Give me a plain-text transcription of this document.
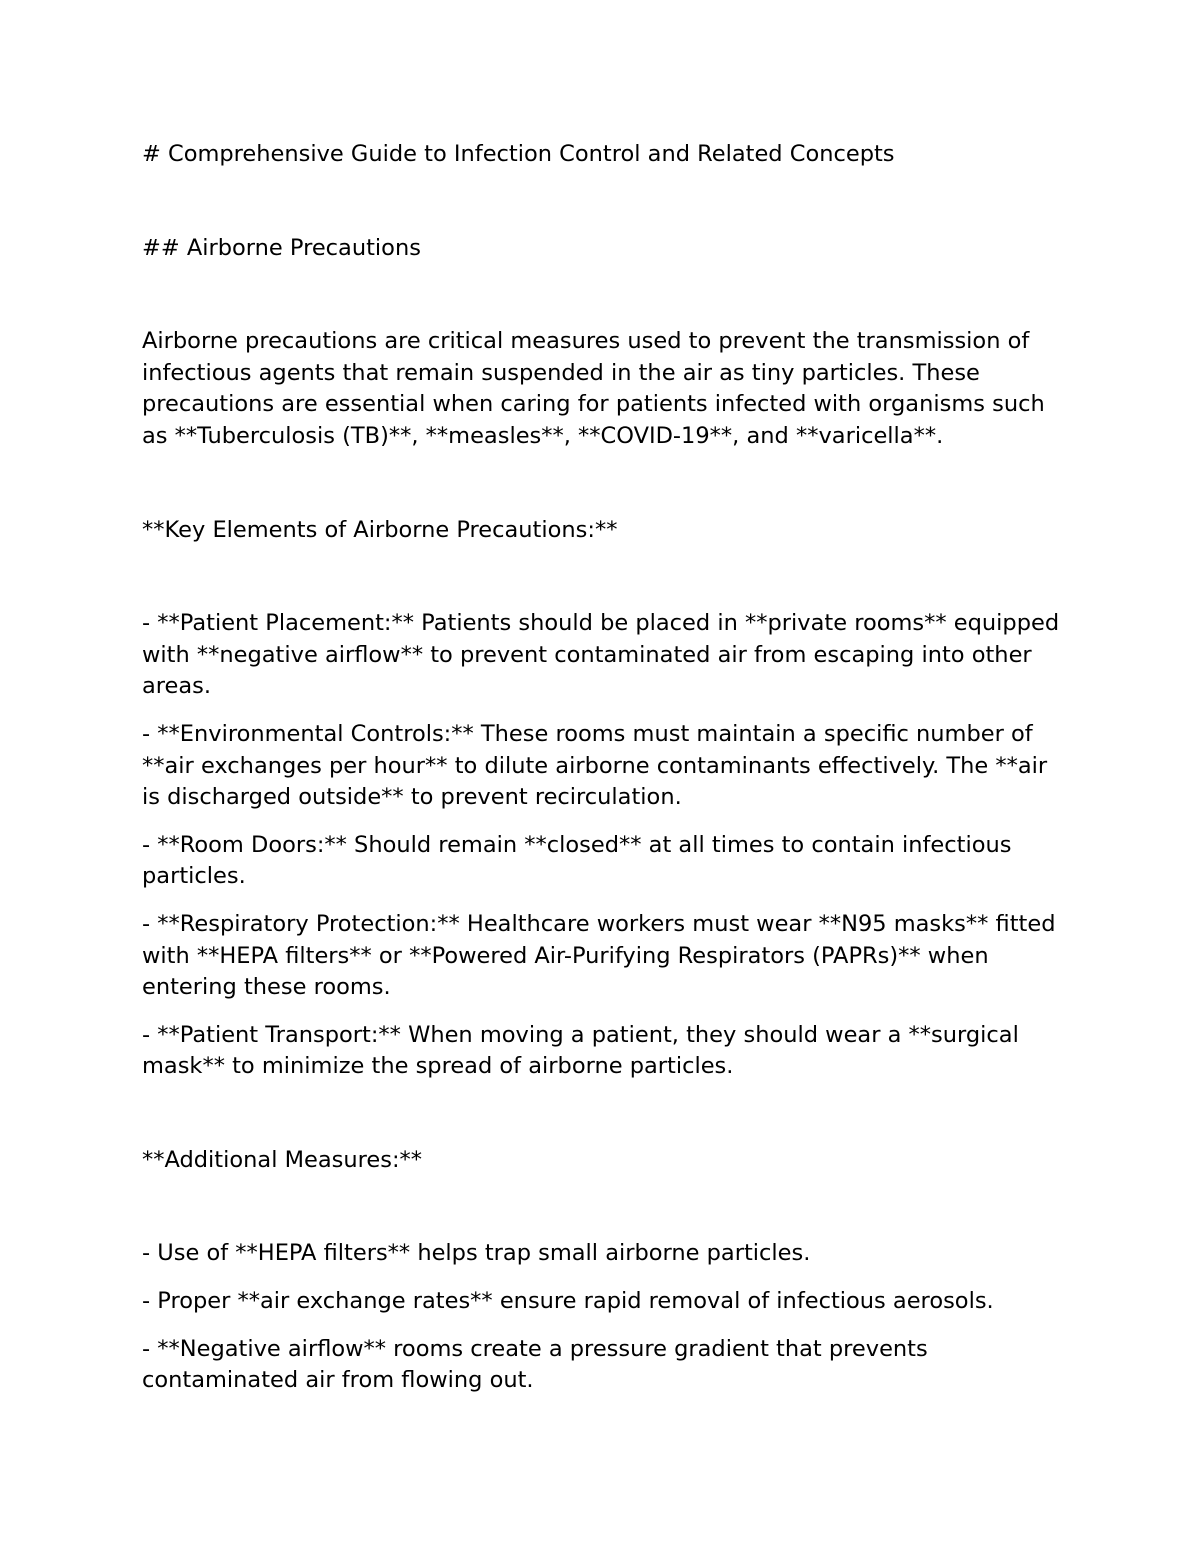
# Comprehensive Guide to Infection Control and Related Concepts

## Airborne Precautions

Airborne precautions are critical measures used to prevent the transmission of infectious agents that remain suspended in the air as tiny particles. These precautions are essential when caring for patients infected with organisms such as **Tuberculosis (TB)**, **measles**, **COVID-19**, and **varicella**.

**Key Elements of Airborne Precautions:**

- **Patient Placement:** Patients should be placed in **private rooms** equipped with **negative airflow** to prevent contaminated air from escaping into other areas.

- **Environmental Controls:** These rooms must maintain a specific number of **air exchanges per hour** to dilute airborne contaminants effectively. The **air is discharged outside** to prevent recirculation.

- **Room Doors:** Should remain **closed** at all times to contain infectious particles.

- **Respiratory Protection:** Healthcare workers must wear **N95 masks** fitted with **HEPA filters** or **Powered Air-Purifying Respirators (PAPRs)** when entering these rooms.

- **Patient Transport:** When moving a patient, they should wear a **surgical mask** to minimize the spread of airborne particles.

**Additional Measures:**

- Use of **HEPA filters** helps trap small airborne particles.

- Proper **air exchange rates** ensure rapid removal of infectious aerosols.

- **Negative airflow** rooms create a pressure gradient that prevents contaminated air from flowing out.
